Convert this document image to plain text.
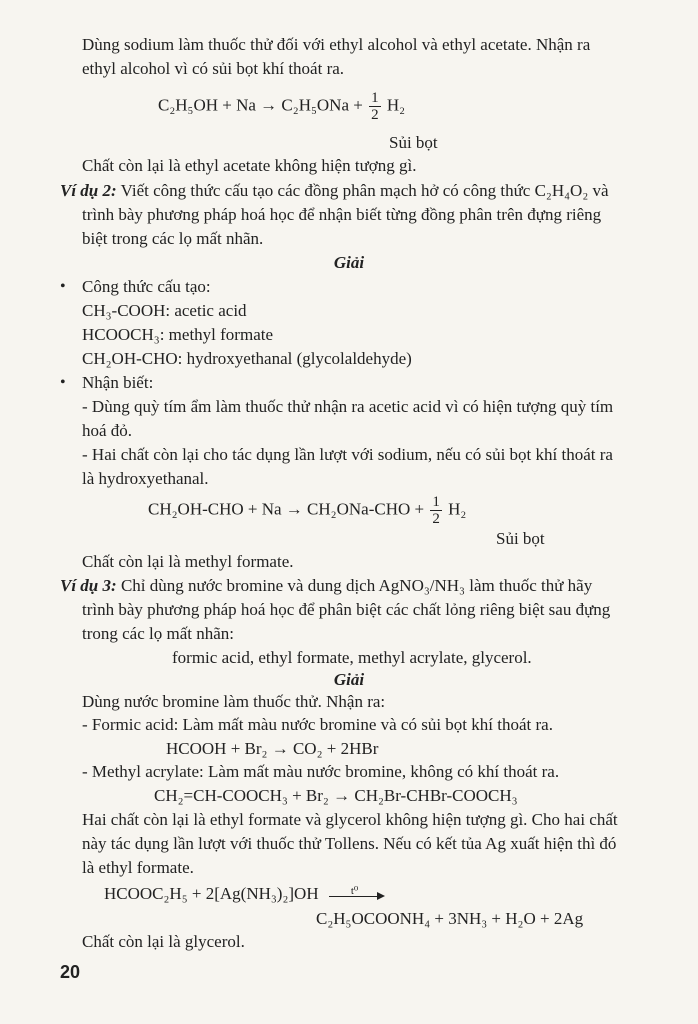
Dùng sodium làm thuốc thử đối với ethyl alcohol và ethyl acetate. Nhận ra
ethyl alcohol vì có sủi bọt khí thoát ra.
$C_2H_5OH + Na \to C_2H_5ONa + \frac{1}{2} H_2$
Sủi bọt
Chất còn lại là ethyl acetate không hiện tượng gì.
Ví dụ 2: Viết công thức cấu tạo các đồng phân mạch hở có công thức C₂H₄O₂ và
trình bày phương pháp hoá học để nhận biết từng đồng phân trên đựng riêng
biệt trong các lọ mất nhãn.
Giải
• Công thức cấu tạo:
CH₃-COOH: acetic acid
HCOOCH₃: methyl formate
CH₂OH-CHO: hydroxyethanal (glycolaldehyde)
• Nhận biết:
- Dùng quỳ tím ẩm làm thuốc thử nhận ra acetic acid vì có hiện tượng quỳ tím
hoá đỏ.
- Hai chất còn lại cho tác dụng lần lượt với sodium, nếu có sủi bọt khí thoát ra
là hydroxyethanal.
$CH_2OH-CHO + Na \to CH_2ONa-CHO + \frac{1}{2} H_2$
Sủi bọt
Chất còn lại là methyl formate.
Ví dụ 3: Chỉ dùng nước bromine và dung dịch AgNO₃/NH₃ làm thuốc thử hãy
trình bày phương pháp hoá học để phân biệt các chất lỏng riêng biệt sau đựng
trong các lọ mất nhãn:
formic acid, ethyl formate, methyl acrylate, glycerol.
Giải
Dùng nước bromine làm thuốc thử. Nhận ra:
- Formic acid: Làm mất màu nước bromine và có sủi bọt khí thoát ra.
HCOOH + Br₂ → CO₂ + 2HBr
- Methyl acrylate: Làm mất màu nước bromine, không có khí thoát ra.
CH₂=CH-COOCH₃ + Br₂ → CH₂Br-CHBr-COOCH₃
Hai chất còn lại là ethyl formate và glycerol không hiện tượng gì. Cho hai chất
này tác dụng lần lượt với thuốc thử Tollens. Nếu có kết tủa Ag xuất hiện thì đó
là ethyl formate.
HCOOC₂H₅ + 2[Ag(NH₃)₂]OH	t⁰
C₂H₅OCOONH₄ + 3NH₃ + H₂O + 2Ag
Chất còn lại là glycerol.
20
